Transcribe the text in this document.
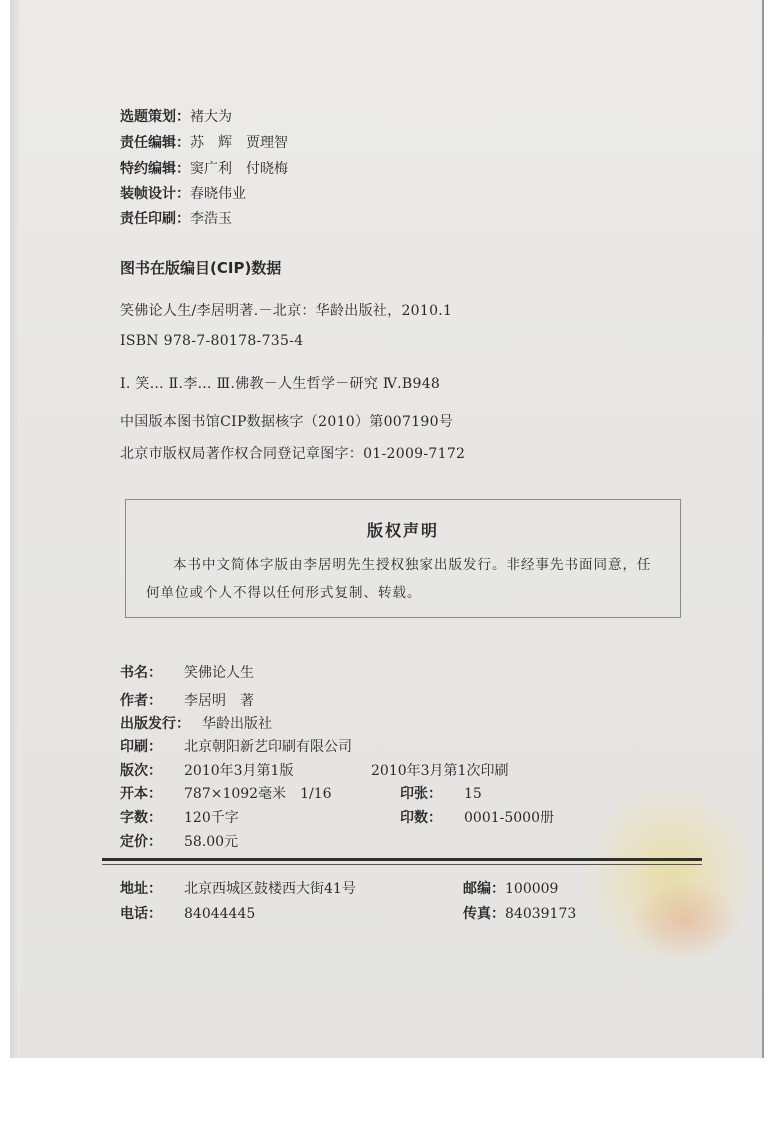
选题策划：褚大为
责任编辑：苏　辉　贾理智
特约编辑：窦广利　付晓梅
装帧设计：春晓伟业
责任印刷：李浩玉
图书在版编目(CIP)数据
笑佛论人生/李居明著.－北京：华龄出版社，2010.1
ISBN 978-7-80178-735-4
Ⅰ. 笑… Ⅱ.李… Ⅲ.佛教－人生哲学－研究 Ⅳ.B948
中国版本图书馆CIP数据核字（2010）第007190号
北京市版权局著作权合同登记章图字：01-2009-7172
版权声明
本书中文简体字版由李居明先生授权独家出版发行。非经事先书面同意，任何单位或个人不得以任何形式复制、转载。
书名： 笑佛论人生
作者： 李居明　著
出版发行： 华龄出版社
印刷： 北京朝阳新艺印刷有限公司
版次： 2010年3月第1版	2010年3月第1次印刷
开本： 787×1092毫米　1/16	印张： 15
字数： 120千字	印数： 0001-5000册
定价： 58.00元
地址： 北京西城区鼓楼西大街41号	邮编：100009
电话： 84044445	传真：84039173
